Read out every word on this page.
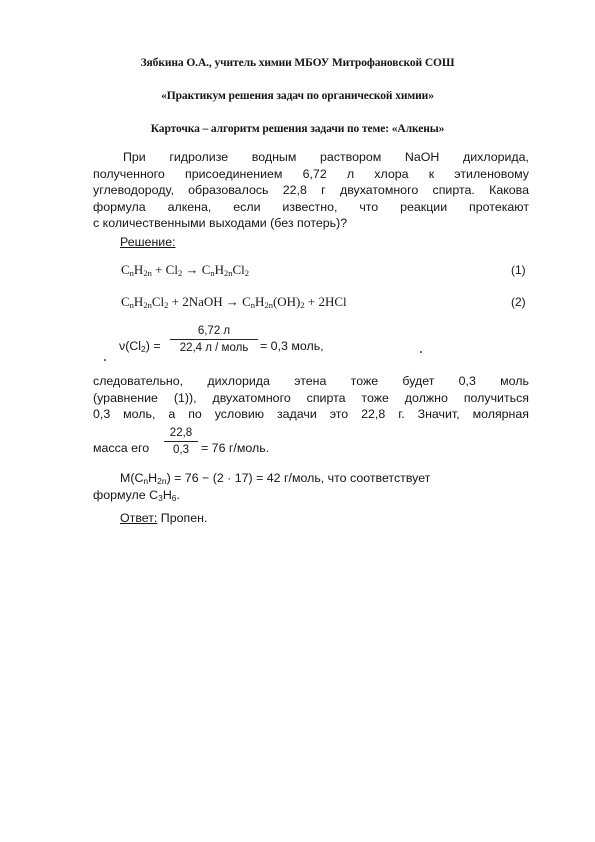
Зябкина О.А., учитель химии МБОУ Митрофановской СОШ
«Практикум решения задач по органической химии»
Карточка – алгоритм решения задачи по теме: «Алкены»
При гидролизе водным раствором NaOH дихлорида,
полученного присоединением 6,72 л хлора к этиленовому
углеводороду, образовалось 22,8 г двухатомного спирта. Какова
формула алкена, если известно, что реакции протекают
с количественными выходами (без потерь)?
Решение:
$C_nH_{2n} + Cl_2 \to C_nH_{2n}Cl_2$	(1)
$C_nH_{2n}Cl_2$ + 2NaOH → $C_nH_{2n}(OH)_2 + 2HCl$	(2)
$\nu(Cl_2)$ =
6,72 л
22,4 л / моль = 0,3 моль,
следовательно, дихлорида этена тоже будет 0,3 моль
(уравнение (1)), двухатомного спирта тоже должно получиться
0,3 моль, а по условию задачи это 22,8 г. Значит, молярная
масса его
22,8
0,3 = 76 г/моль.
$M(C_nH_{2n}) = 76 - (2 \cdot 17) = 42$ г/моль, что соответствует
формуле $C_3H_6$.
Ответ: Пропен.
